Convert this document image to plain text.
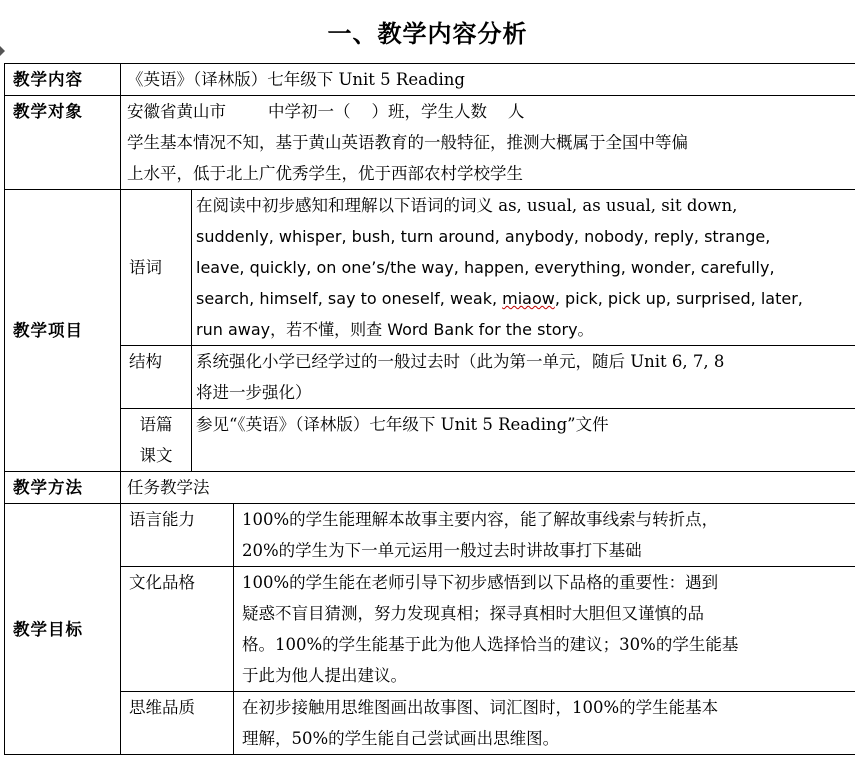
一、教学内容分析
教学内容	《英语》（译林版）七年级下 Unit 5 Reading		
教学对象	安徽省黄山市        中学初一（    ）班，学生人数    人
学生基本情况不知，基于黄山英语教育的一般特征，推测大概属于全国中等偏
上水平，低于北上广优秀学生，优于西部农村学校学生		

教学项目	语词	在阅读中初步感知和理解以下语词的词义 as, usual, as usual, sit down,
suddenly, whisper, bush, turn around, anybody, nobody, reply, strange,
leave, quickly, on one’s/the way, happen, everything, wonder, carefully,
search, himself, say to oneself, weak, miaow, pick, pick up, surprised, later,
run away，若不懂，则查 Word Bank for the story。	

	结构	系统强化小学已经学过的一般过去时（此为第一单元，随后 Unit 6, 7, 8
将进一步强化）	

	语篇
课文	参见“《英语》（译林版）七年级下 Unit 5 Reading”文件	
教学方法	任务教学法		
教学目标	语言能力		100%的学生能理解本故事主要内容，能了解故事线索与转折点，
20%的学生为下一单元运用一般过去时讲故事打下基础

	文化品格		100%的学生能在老师引导下初步感悟到以下品格的重要性：遇到
疑惑不盲目猜测，努力发现真相；探寻真相时大胆但又谨慎的品
格。100%的学生能基于此为他人选择恰当的建议；30%的学生能基
于此为他人提出建议。

	思维品质		在初步接触用思维图画出故事图、词汇图时，100%的学生能基本
理解，50%的学生能自己尝试画出思维图。
